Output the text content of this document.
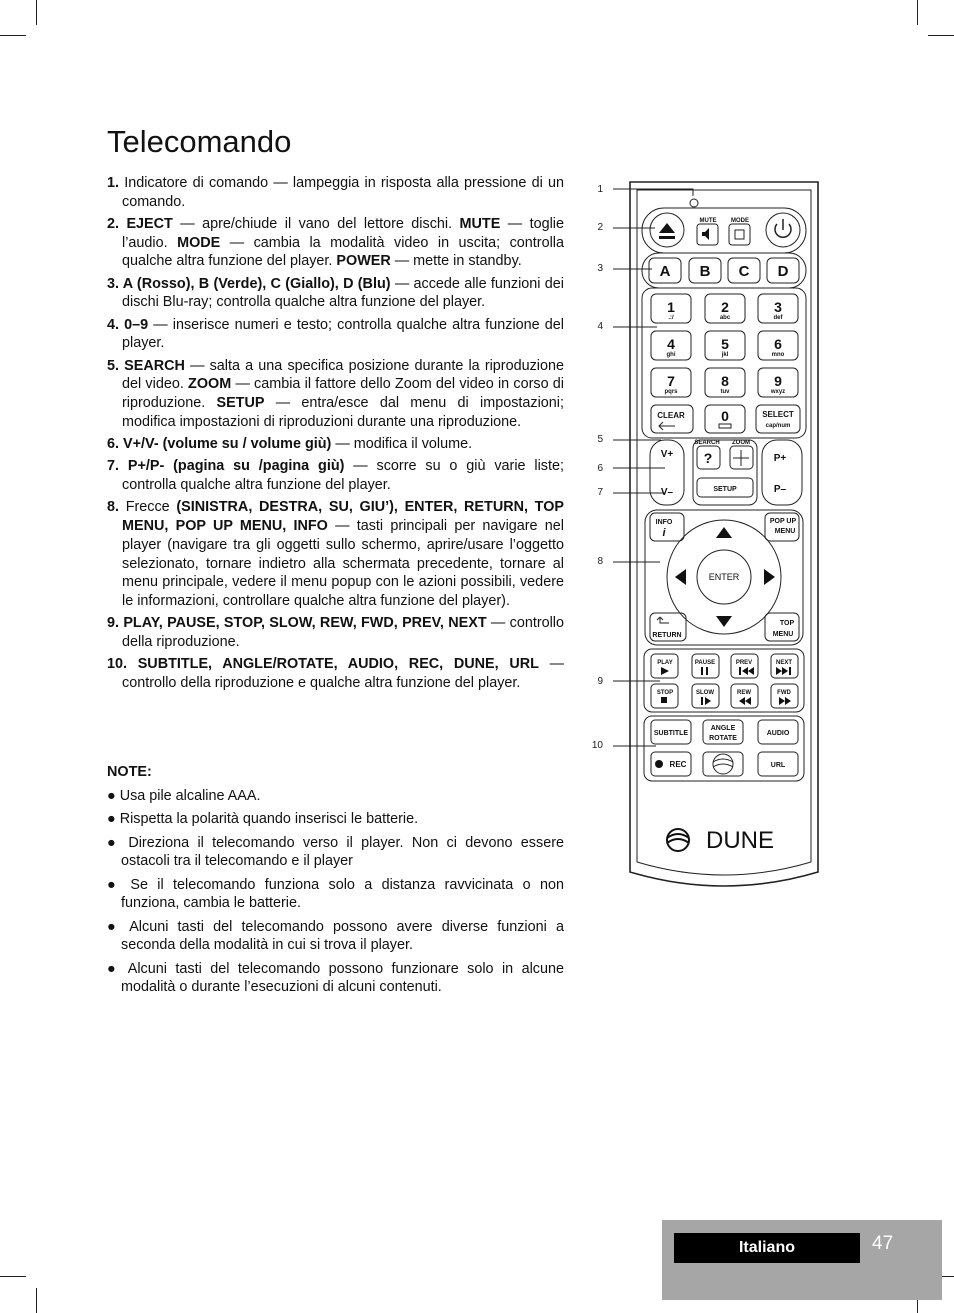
Telecomando
1. Indicatore di comando — lampeggia in risposta alla pressione di un comando.
2. EJECT — apre/chiude il vano del lettore dischi. MUTE — toglie l’audio. MODE — cambia la modalità video in uscita; controlla qualche altra funzione del player. POWER — mette in standby.
3. A (Rosso), B (Verde), C (Giallo), D (Blu) — accede alle funzioni dei dischi Blu-ray; controlla qualche altra funzione del player.
4. 0–9 — inserisce numeri e testo; controlla qualche altra funzione del player.
5. SEARCH — salta a una specifica posizione durante la riproduzione del video. ZOOM — cambia il fattore dello Zoom del video in corso di riproduzione. SETUP — entra/esce dal menu di impostazioni; modifica impostazioni di riproduzioni durante una riproduzione.
6. V+/V- (volume su / volume giù) — modifica il volume.
7. P+/P- (pagina su /pagina giù) — scorre su o giù varie liste; controlla qualche altra funzione del player.
8. Frecce (SINISTRA, DESTRA, SU, GIU’), ENTER, RETURN, TOP MENU, POP UP MENU, INFO — tasti principali per navigare nel player (navigare tra gli oggetti sullo schermo, aprire/usare l’oggetto selezionato, tornare indietro alla schermata precedente, tornare al menu principale, vedere il menu popup con le azioni possibili, vedere le informazioni, controllare qualche altra funzione del player).
9. PLAY, PAUSE, STOP, SLOW, REW, FWD, PREV, NEXT — controllo della riproduzione.
10. SUBTITLE, ANGLE/ROTATE, AUDIO, REC, DUNE, URL — controllo della riproduzione e qualche altra funzione del player.
NOTE:
● Usa pile alcaline AAA.
● Rispetta la polarità quando inserisci le batterie.
● Direziona il telecomando verso il player. Non ci devono essere ostacoli tra il telecomando e il player
● Se il telecomando funziona solo a distanza ravvicinata o non funziona, cambia le batterie.
● Alcuni tasti del telecomando possono avere diverse funzioni a seconda della modalità in cui si trova il player.
● Alcuni tasti del telecomando possono funzionare solo in alcune modalità o durante l’esecuzioni di alcuni contenuti.
1
2
3
4
5
6
7
8
9
10
MUTE MODE
A B C D
1
.:/
2
abc
3
def
4
ghi
5
jkl
6
mno
7
pqrs
8
tuv
9
wxyz
CLEAR	0	SELECT
cap/num
V+
V–
SEARCH ZOOM
?
SETUP
P+
P–
INFO
i
POP UP
MENU
ENTER
RETURN
TOP
MENU
PLAY	PAUSE	PREV	NEXT
STOP	SLOW	REW	FWD
SUBTITLE
ANGLE
ROTATE
AUDIO
REC	URL
DUNE
Italiano	47
